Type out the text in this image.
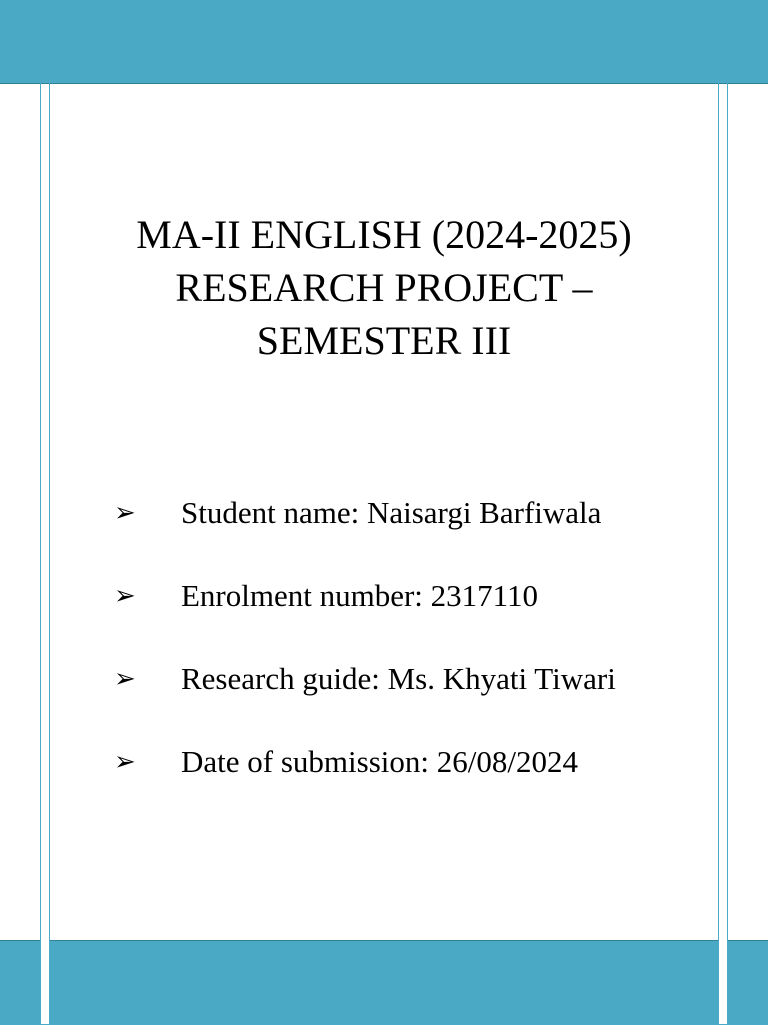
MA-II ENGLISH (2024-2025)
RESEARCH PROJECT –
SEMESTER III
➢ Student name: Naisargi Barfiwala
➢ Enrolment number: 2317110
➢ Research guide: Ms. Khyati Tiwari
➢ Date of submission: 26/08/2024
